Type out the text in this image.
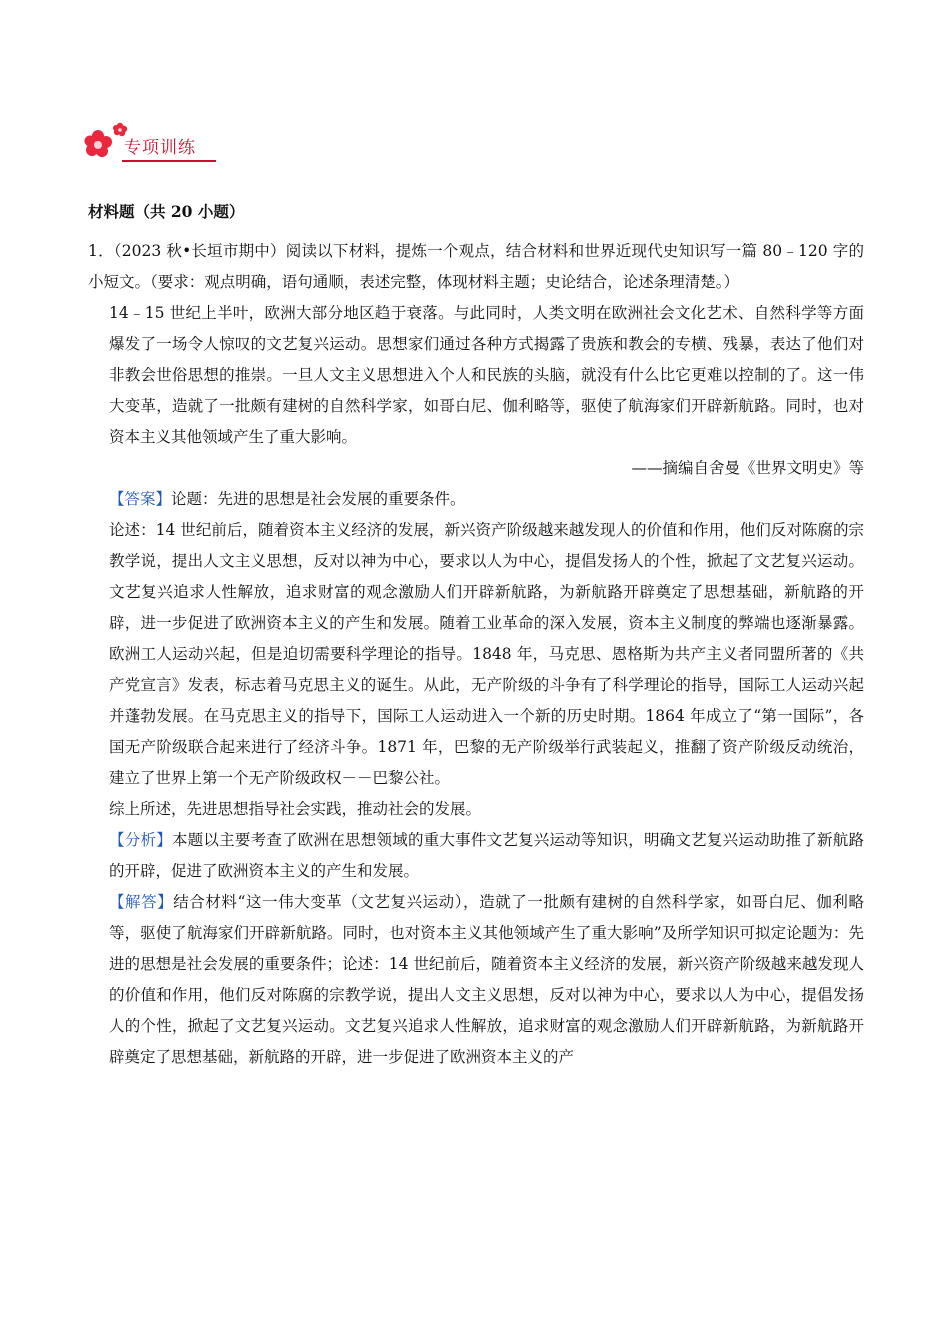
专项训练
材料题（共 20 小题）

1．（2023 秋•长垣市期中）阅读以下材料，提炼一个观点，结合材料和世界近现代史知识写一篇 80﹣120 字的小短文。（要求：观点明确，语句通顺，表述完整，体现材料主题；史论结合，论述条理清楚。）

14﹣15 世纪上半叶，欧洲大部分地区趋于衰落。与此同时，人类文明在欧洲社会文化艺术、自然科学等方面爆发了一场令人惊叹的文艺复兴运动。思想家们通过各种方式揭露了贵族和教会的专横、残暴，表达了他们对非教会世俗思想的推崇。一旦人文主义思想进入个人和民族的头脑，就没有什么比它更难以控制的了。这一伟大变革，造就了一批颇有建树的自然科学家，如哥白尼、伽利略等，驱使了航海家们开辟新航路。同时，也对资本主义其他领域产生了重大影响。

——摘编自舍曼《世界文明史》等

【答案】论题：先进的思想是社会发展的重要条件。

论述：14 世纪前后，随着资本主义经济的发展，新兴资产阶级越来越发现人的价值和作用，他们反对陈腐的宗教学说，提出人文主义思想，反对以神为中心，要求以人为中心，提倡发扬人的个性，掀起了文艺复兴运动。文艺复兴追求人性解放，追求财富的观念激励人们开辟新航路，为新航路开辟奠定了思想基础，新航路的开辟，进一步促进了欧洲资本主义的产生和发展。随着工业革命的深入发展，资本主义制度的弊端也逐渐暴露。欧洲工人运动兴起，但是迫切需要科学理论的指导。1848 年，马克思、恩格斯为共产主义者同盟所著的《共产党宣言》发表，标志着马克思主义的诞生。从此，无产阶级的斗争有了科学理论的指导，国际工人运动兴起并蓬勃发展。在马克思主义的指导下，国际工人运动进入一个新的历史时期。1864 年成立了“第一国际”，各国无产阶级联合起来进行了经济斗争。1871 年，巴黎的无产阶级举行武装起义，推翻了资产阶级反动统治，建立了世界上第一个无产阶级政权－－巴黎公社。

综上所述，先进思想指导社会实践，推动社会的发展。

【分析】本题以主要考查了欧洲在思想领域的重大事件文艺复兴运动等知识，明确文艺复兴运动助推了新航路的开辟，促进了欧洲资本主义的产生和发展。

【解答】结合材料“这一伟大变革（文艺复兴运动），造就了一批颇有建树的自然科学家，如哥白尼、伽利略等，驱使了航海家们开辟新航路。同时，也对资本主义其他领域产生了重大影响”及所学知识可拟定论题为：先进的思想是社会发展的重要条件；论述：14 世纪前后，随着资本主义经济的发展，新兴资产阶级越来越发现人的价值和作用，他们反对陈腐的宗教学说，提出人文主义思想，反对以神为中心，要求以人为中心，提倡发扬人的个性，掀起了文艺复兴运动。文艺复兴追求人性解放，追求财富的观念激励人们开辟新航路，为新航路开辟奠定了思想基础，新航路的开辟，进一步促进了欧洲资本主义的产
